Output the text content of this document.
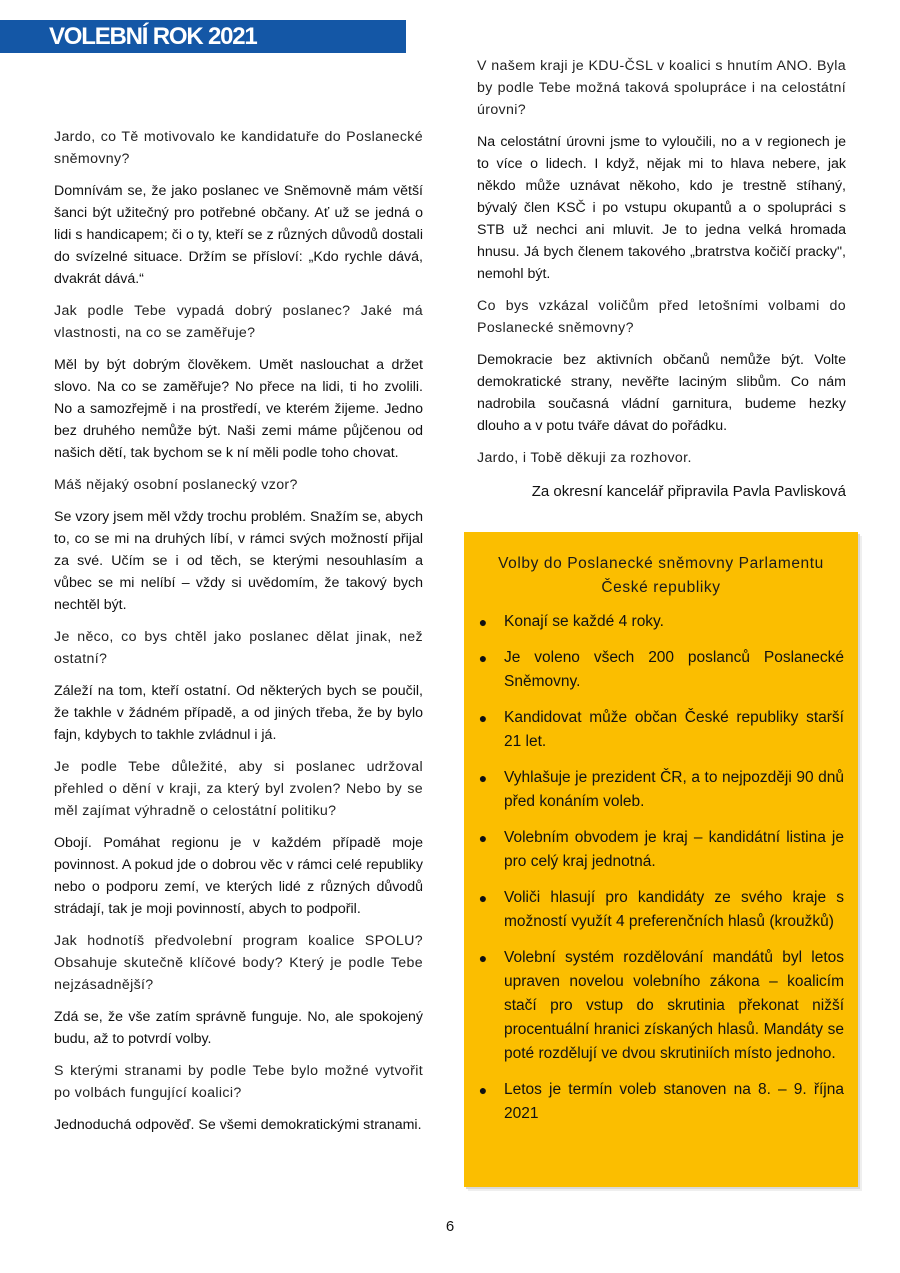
VOLEBNÍ ROK 2021

Jardo, co Tě motivovalo ke kandidatuře do Poslanecké sněmovny?

Domnívám se, že jako poslanec ve Sněmovně mám větší šanci být užitečný pro potřebné občany. Ať už se jedná o lidi s handicapem; či o ty, kteří se z různých důvodů dostali do svízelné situace. Držím se přísloví: „Kdo rychle dává, dvakrát dává.“

Jak podle Tebe vypadá dobrý poslanec? Jaké má vlastnosti, na co se zaměřuje?

Měl by být dobrým člověkem. Umět naslouchat a držet slovo. Na co se zaměřuje? No přece na lidi, ti ho zvolili. No a samozřejmě i na prostředí, ve kterém žijeme. Jedno bez druhého nemůže být. Naši zemi máme půjčenou od našich dětí, tak bychom se k ní měli podle toho chovat.

Máš nějaký osobní poslanecký vzor?

Se vzory jsem měl vždy trochu problém. Snažím se, abych to, co se mi na druhých líbí, v rámci svých možností přijal za své. Učím se i od těch, se kterými nesouhlasím a vůbec se mi nelíbí – vždy si uvědomím, že takový bych nechtěl být.

Je něco, co bys chtěl jako poslanec dělat jinak, než ostatní?

Záleží na tom, kteří ostatní. Od některých bych se poučil, že takhle v žádném případě, a od jiných třeba, že by bylo fajn, kdybych to takhle zvládnul i já.

Je podle Tebe důležité, aby si poslanec udržoval přehled o dění v kraji, za který byl zvolen? Nebo by se měl zajímat výhradně o celostátní politiku?

Obojí. Pomáhat regionu je v každém případě moje povinnost. A pokud jde o dobrou věc v rámci celé republiky nebo o podporu zemí, ve kterých lidé z různých důvodů strádají, tak je moji povinností, abych to podpořil.

Jak hodnotíš předvolební program koalice SPOLU? Obsahuje skutečně klíčové body? Který je podle Tebe nejzásadnější?

Zdá se, že vše zatím správně funguje. No, ale spokojený budu, až to potvrdí volby.

S kterými stranami by podle Tebe bylo možné vytvořit po volbách fungující koalici?

Jednoduchá odpověď. Se všemi demokratickými stranami.

V našem kraji je KDU-ČSL v koalici s hnutím ANO. Byla by podle Tebe možná taková spolupráce i na celostátní úrovni?

Na celostátní úrovni jsme to vyloučili, no a v regionech je to více o lidech. I když, nějak mi to hlava nebere, jak někdo může uznávat někoho, kdo je trestně stíhaný, bývalý člen KSČ i po vstupu okupantů a o spolupráci s STB už nechci ani mluvit. Je to jedna velká hromada hnusu. Já bych členem takového „bratrstva kočičí pracky", nemohl být.

Co bys vzkázal voličům před letošními volbami do Poslanecké sněmovny?

Demokracie bez aktivních občanů nemůže být. Volte demokratické strany, nevěřte laciným slibům. Co nám nadrobila současná vládní garnitura, budeme hezky dlouho a v potu tváře dávat do pořádku.

Jardo, i Tobě děkuji za rozhovor.

Za okresní kancelář připravila Pavla Pavlisková

Volby do Poslanecké sněmovny Parlamentu
České republiky
● Konají se každé 4 roky.
● Je voleno všech 200 poslanců Poslanecké Sněmovny.
● Kandidovat může občan České republiky starší 21 let.
● Vyhlašuje je prezident ČR, a to nejpozději 90 dnů před konáním voleb.
● Volebním obvodem je kraj – kandidátní listina je pro celý kraj jednotná.
● Voliči hlasují pro kandidáty ze svého kraje s možností využít 4 preferenčních hlasů (kroužků)
● Volební systém rozdělování mandátů byl letos upraven novelou volebního zákona – koalicím stačí pro vstup do skrutinia překonat nižší procentuální hranici získaných hlasů. Mandáty se poté rozdělují ve dvou skrutiniích místo jednoho.
● Letos je termín voleb stanoven na 8. – 9. října 2021
6
